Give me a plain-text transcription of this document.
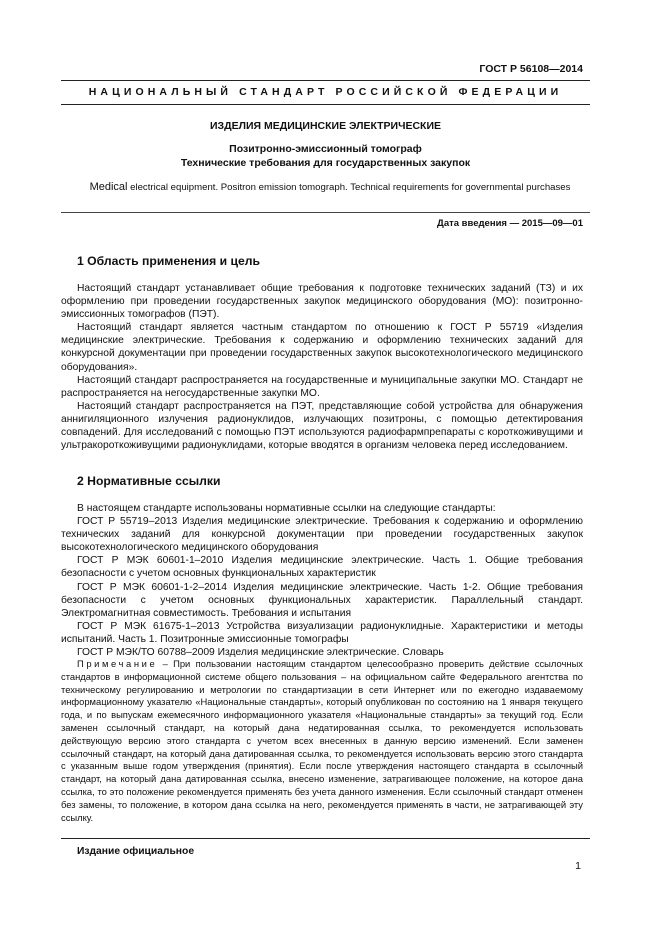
ГОСТ Р 56108—2014
НАЦИОНАЛЬНЫЙ СТАНДАРТ РОССИЙСКОЙ ФЕДЕРАЦИИ
ИЗДЕЛИЯ МЕДИЦИНСКИЕ ЭЛЕКТРИЧЕСКИЕ
Позитронно-эмиссионный томограф
Технические требования для государственных закупок
Medical electrical equipment. Positron emission tomograph. Technical requirements for governmental purchases
Дата введения — 2015—09—01
1 Область применения и цель
Настоящий стандарт устанавливает общие требования к подготовке технических заданий (ТЗ) и их оформлению при проведении государственных закупок медицинского оборудования (МО): позитронно-эмиссионных томографов (ПЭТ).
Настоящий стандарт является частным стандартом по отношению к ГОСТ Р 55719 «Изделия медицинские электрические. Требования к содержанию и оформлению технических заданий для конкурсной документации при проведении государственных закупок высокотехнологического медицинского оборудования».
Настоящий стандарт распространяется на государственные и муниципальные закупки МО. Стандарт не распространяется на негосударственные закупки МО.
Настоящий стандарт распространяется на ПЭТ, представляющие собой устройства для обнаружения аннигиляционного излучения радионуклидов, излучающих позитроны, с помощью детектирования совпадений. Для исследований с помощью ПЭТ используются радиофармпрепараты с короткоживущими и ультракороткоживущими радионуклидами, которые вводятся в организм человека перед исследованием.
2 Нормативные ссылки
В настоящем стандарте использованы нормативные ссылки на следующие стандарты:
ГОСТ Р 55719–2013 Изделия медицинские электрические. Требования к содержанию и оформлению технических заданий для конкурсной документации при проведении государственных закупок высокотехнологического медицинского оборудования
ГОСТ Р МЭК 60601-1–2010 Изделия медицинские электрические. Часть 1. Общие требования безопасности с учетом основных функциональных характеристик
ГОСТ Р МЭК 60601-1-2–2014 Изделия медицинские электрические. Часть 1-2. Общие требования безопасности с учетом основных функциональных характеристик. Параллельный стандарт. Электромагнитная совместимость. Требования и испытания
ГОСТ Р МЭК 61675-1–2013 Устройства визуализации радионуклидные. Характеристики и методы испытаний. Часть 1. Позитронные эмиссионные томографы
ГОСТ Р МЭК/ТО 60788–2009 Изделия медицинские электрические. Словарь
Примечание – При пользовании настоящим стандартом целесообразно проверить действие ссылочных стандартов в информационной системе общего пользования – на официальном сайте Федерального агентства по техническому регулированию и метрологии по стандартизации в сети Интернет или по ежегодно издаваемому информационному указателю «Национальные стандарты», который опубликован по состоянию на 1 января текущего года, и по выпускам ежемесячного информационного указателя «Национальные стандарты» за текущий год. Если заменен ссылочный стандарт, на который дана недатированная ссылка, то рекомендуется использовать действующую версию этого стандарта с учетом всех внесенных в данную версию изменений. Если заменен ссылочный стандарт, на который дана датированная ссылка, то рекомендуется использовать версию этого стандарта с указанным выше годом утверждения (принятия). Если после утверждения настоящего стандарта в ссылочный стандарт, на который дана датированная ссылка, внесено изменение, затрагивающее положение, на которое дана ссылка, то это положение рекомендуется применять без учета данного изменения. Если ссылочный стандарт отменен без замены, то положение, в котором дана ссылка на него, рекомендуется применять в части, не затрагивающей эту ссылку.
Издание официальное
1
